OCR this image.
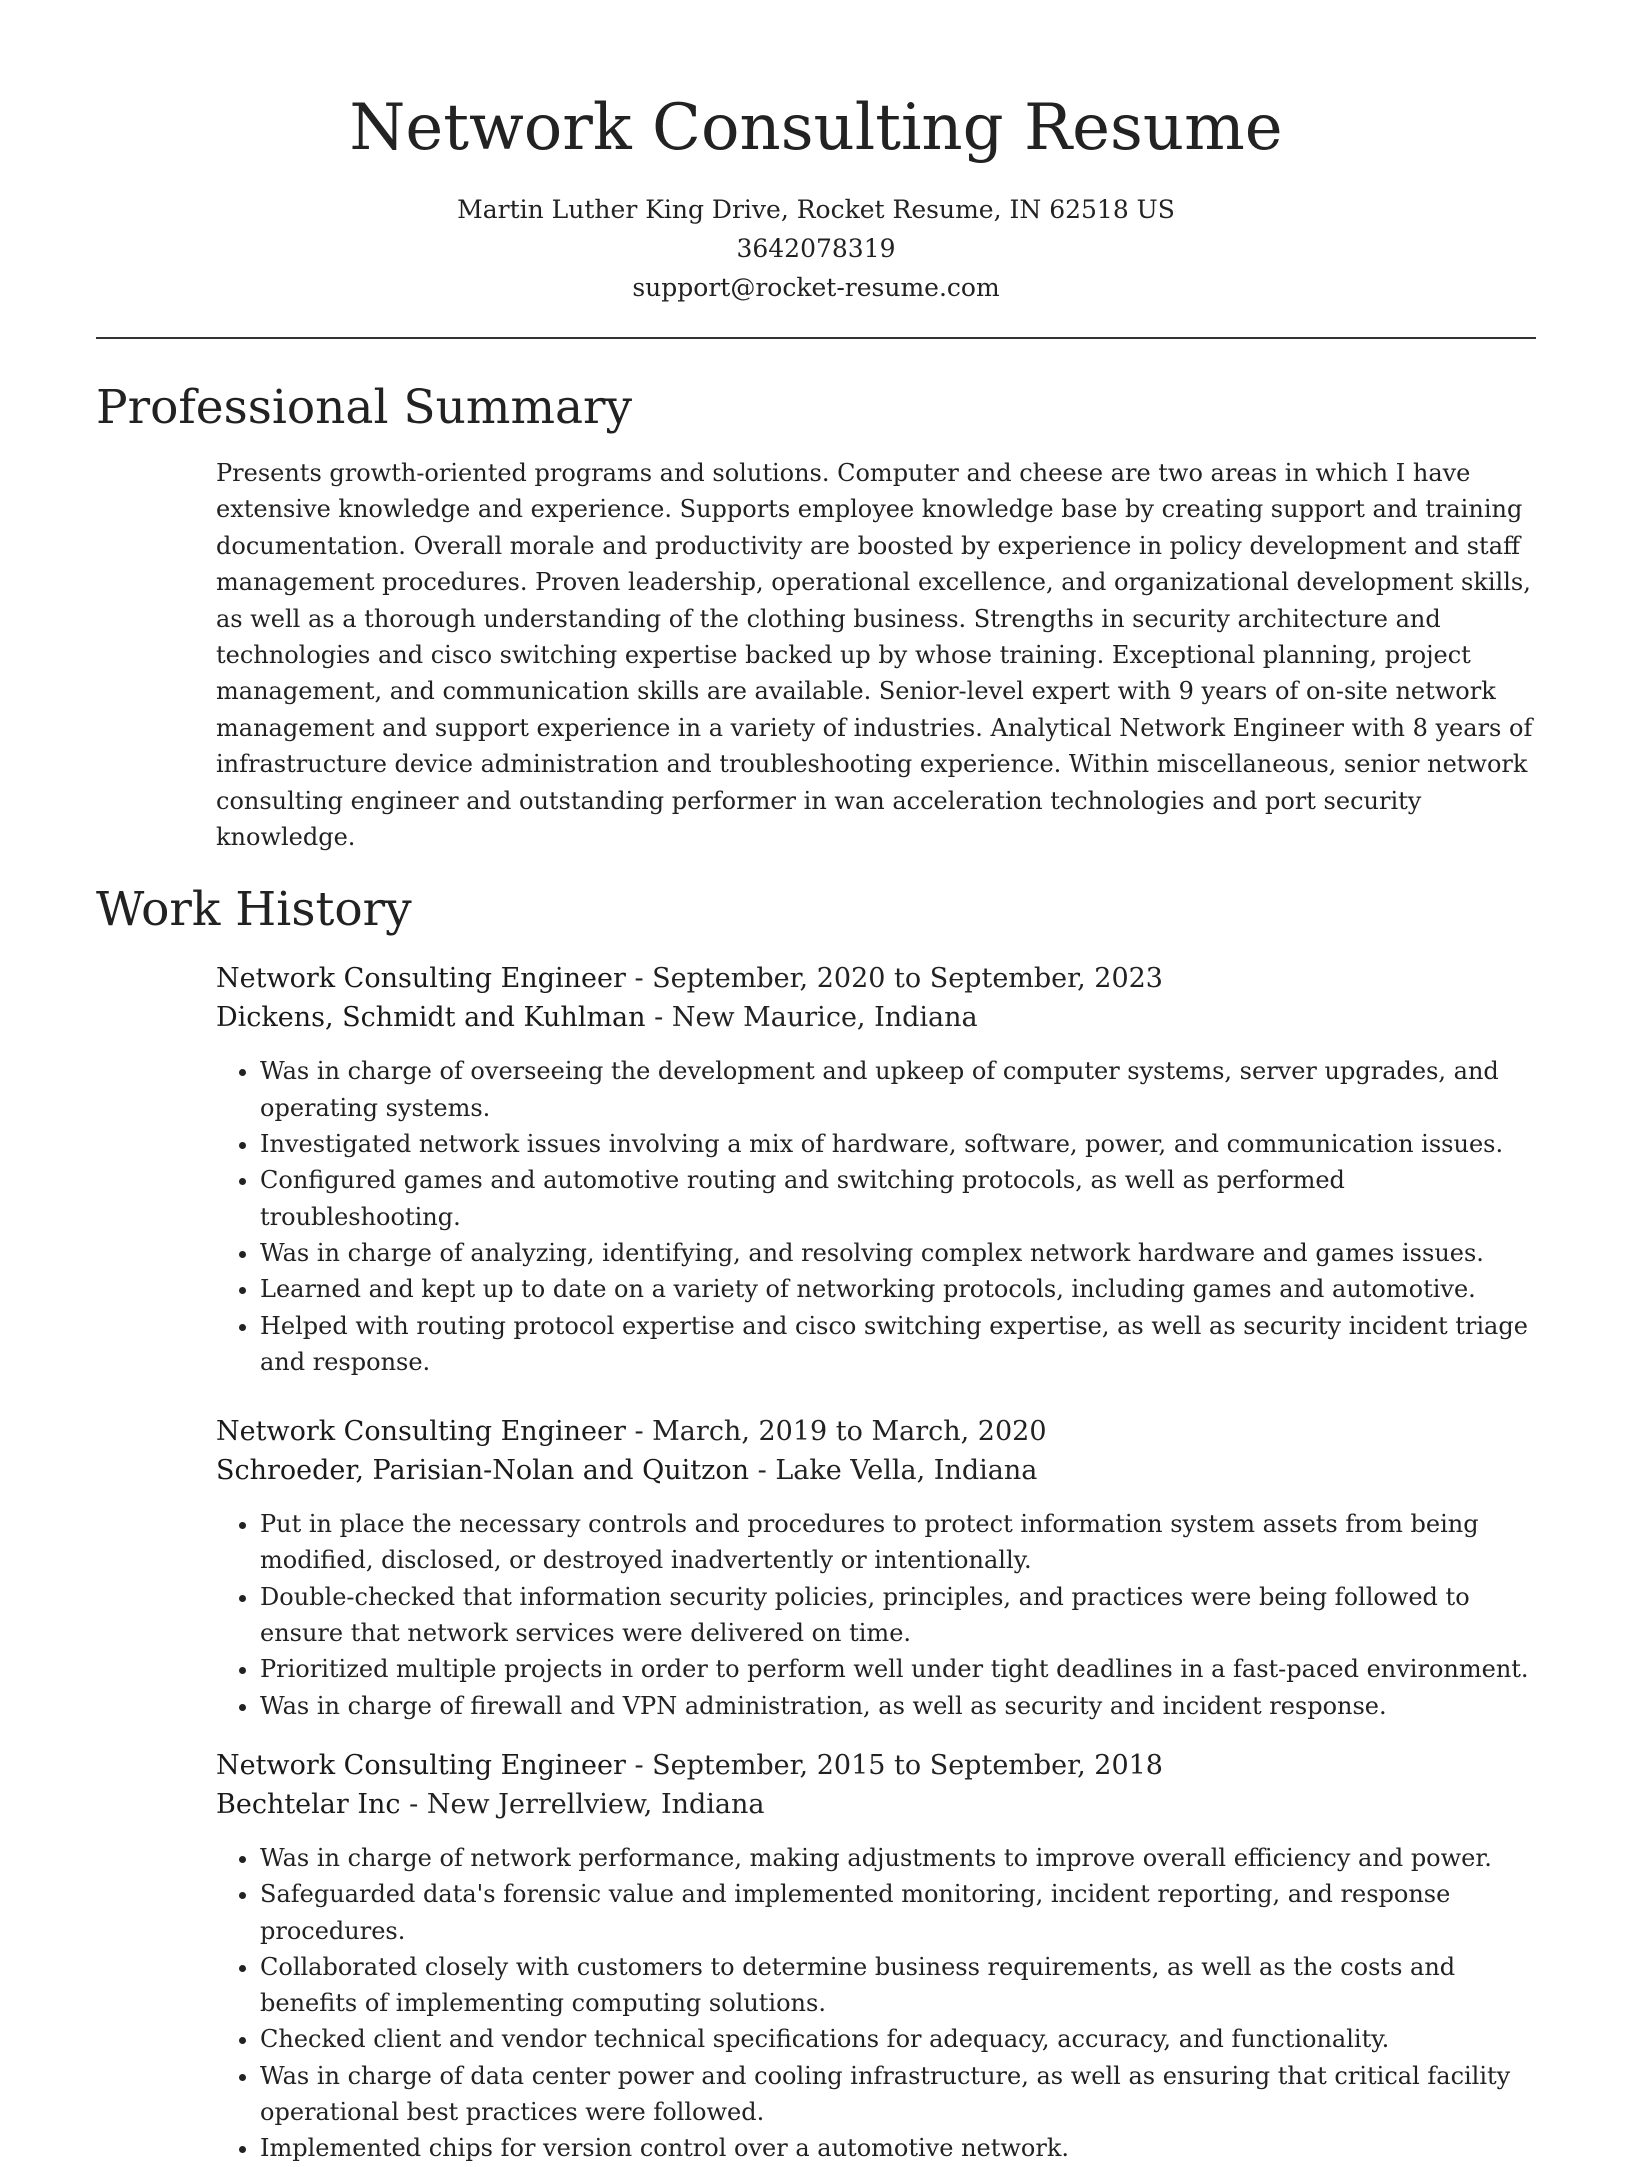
Network Consulting Resume
Martin Luther King Drive, Rocket Resume, IN 62518 US
3642078319
support@rocket-resume.com
Professional Summary
Presents growth-oriented programs and solutions. Computer and cheese are two areas in which I have extensive knowledge and experience. Supports employee knowledge base by creating support and training documentation. Overall morale and productivity are boosted by experience in policy development and staff management procedures. Proven leadership, operational excellence, and organizational development skills, as well as a thorough understanding of the clothing business. Strengths in security architecture and technologies and cisco switching expertise backed up by whose training. Exceptional planning, project management, and communication skills are available. Senior-level expert with 9 years of on-site network management and support experience in a variety of industries. Analytical Network Engineer with 8 years of infrastructure device administration and troubleshooting experience. Within miscellaneous, senior network consulting engineer and outstanding performer in wan acceleration technologies and port security knowledge.
Work History
Network Consulting Engineer - September, 2020 to September, 2023
Dickens, Schmidt and Kuhlman - New Maurice, Indiana
• Was in charge of overseeing the development and upkeep of computer systems, server upgrades, and operating systems.
• Investigated network issues involving a mix of hardware, software, power, and communication issues.
• Configured games and automotive routing and switching protocols, as well as performed troubleshooting.
• Was in charge of analyzing, identifying, and resolving complex network hardware and games issues.
• Learned and kept up to date on a variety of networking protocols, including games and automotive.
• Helped with routing protocol expertise and cisco switching expertise, as well as security incident triage and response.
Network Consulting Engineer - March, 2019 to March, 2020
Schroeder, Parisian-Nolan and Quitzon - Lake Vella, Indiana
• Put in place the necessary controls and procedures to protect information system assets from being modified, disclosed, or destroyed inadvertently or intentionally.
• Double-checked that information security policies, principles, and practices were being followed to ensure that network services were delivered on time.
• Prioritized multiple projects in order to perform well under tight deadlines in a fast-paced environment.
• Was in charge of firewall and VPN administration, as well as security and incident response.
Network Consulting Engineer - September, 2015 to September, 2018
Bechtelar Inc - New Jerrellview, Indiana
• Was in charge of network performance, making adjustments to improve overall efficiency and power.
• Safeguarded data's forensic value and implemented monitoring, incident reporting, and response procedures.
• Collaborated closely with customers to determine business requirements, as well as the costs and benefits of implementing computing solutions.
• Checked client and vendor technical specifications for adequacy, accuracy, and functionality.
• Was in charge of data center power and cooling infrastructure, as well as ensuring that critical facility operational best practices were followed.
• Implemented chips for version control over a automotive network.
